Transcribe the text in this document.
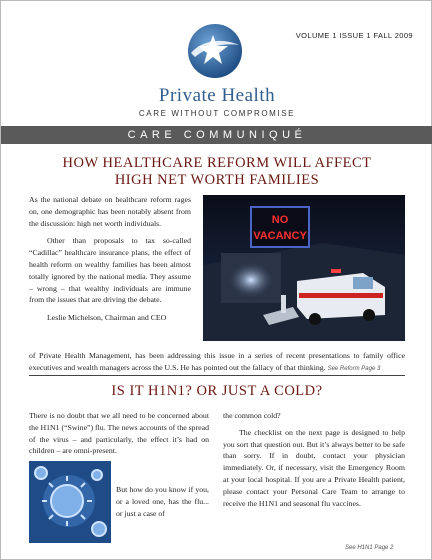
VOLUME 1 ISSUE 1 FALL 2009
Private Health
CARE WITHOUT COMPROMISE
CARE COMMUNIQUÉ
HOW HEALTHCARE REFORM WILL AFFECT
HIGH NET WORTH FAMILIES

As the national debate on healthcare reform rages on, one demographic has been notably absent from the discussion: high net worth individuals.

Other than proposals to tax so-called “Cadillac” healthcare insurance plans, the effect of health reform on wealthy families has been almost totally ignored by the national media. They assume – wrong – that wealthy individuals are immune from the issues that are driving the debate.

Leslie Michelson, Chairman and CEO

NO
VACANCY

of Private Health Management, has been addressing this issue in a series of recent presentations to family office executives and wealth managers across the U.S. He has pointed out the fallacy of that thinking. See Reform Page 3

IS IT H1N1? OR JUST A COLD?

There is no doubt that we all need to be concerned about the H1N1 (“Swine”) flu. The news accounts of the spread of the virus – and particularly, the effect it’s had on children – are omni-present.

But how do you know if you, or a loved one, has the flu... or just a case of

the common cold?

The checklist on the next page is designed to help you sort that question out. But it’s always better to be safe than sorry. If in doubt, contact your physician immediately. Or, if necessary, visit the Emergency Room at your local hospital. If you are a Private Health patient, please contact your Personal Care Team to arrange to receive the H1N1 and seasonal flu vaccines.

See H1N1 Page 2
